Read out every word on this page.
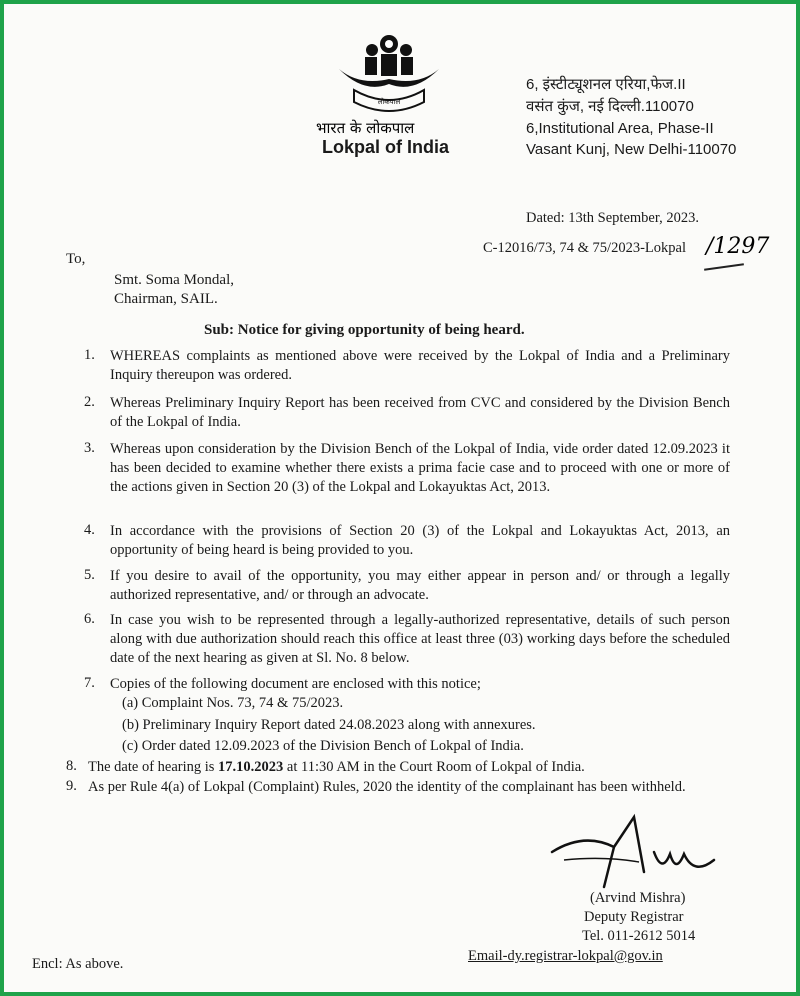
लोकपाल
भारत के लोकपाल
Lokpal of India
6, इंस्टीट्यूशनल एरिया,फेज.II
वसंत कुंज, नई दिल्ली.110070
6,Institutional Area, Phase-II
Vasant Kunj, New Delhi-110070
Dated: 13th September, 2023.
C-12016/73, 74 & 75/2023-Lokpal /1297
To,
Smt. Soma Mondal,
Chairman, SAIL.
Sub: Notice for giving opportunity of being heard.
1. WHEREAS complaints as mentioned above were received by the Lokpal of India and a Preliminary Inquiry thereupon was ordered.
2. Whereas Preliminary Inquiry Report has been received from CVC and considered by the Division Bench of the Lokpal of India.
3. Whereas upon consideration by the Division Bench of the Lokpal of India, vide order dated 12.09.2023 it has been decided to examine whether there exists a prima facie case and to proceed with one or more of the actions given in Section 20 (3) of the Lokpal and Lokayuktas Act, 2013.
4. In accordance with the provisions of Section 20 (3) of the Lokpal and Lokayuktas Act, 2013, an opportunity of being heard is being provided to you.
5. If you desire to avail of the opportunity, you may either appear in person and/ or through a legally authorized representative, and/ or through an advocate.
6. In case you wish to be represented through a legally-authorized representative, details of such person along with due authorization should reach this office at least three (03) working days before the scheduled date of the next hearing as given at Sl. No. 8 below.
7. Copies of the following document are enclosed with this notice;
(a) Complaint Nos. 73, 74 & 75/2023.
(b) Preliminary Inquiry Report dated 24.08.2023 along with annexures.
(c) Order dated 12.09.2023 of the Division Bench of Lokpal of India.
8. The date of hearing is 17.10.2023 at 11:30 AM in the Court Room of Lokpal of India.
9. As per Rule 4(a) of Lokpal (Complaint) Rules, 2020 the identity of the complainant has been withheld.
(Arvind Mishra)
Deputy Registrar
Tel. 011-2612 5014
Email-dy.registrar-lokpal@gov.in
Encl: As above.
